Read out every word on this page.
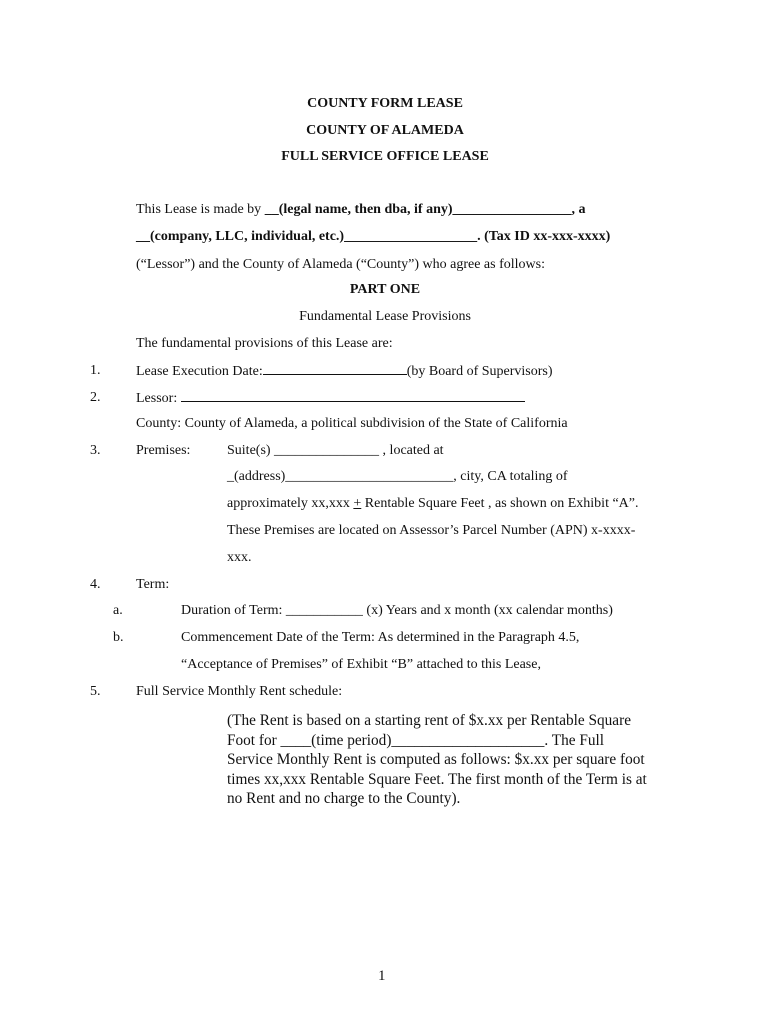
COUNTY FORM LEASE
COUNTY OF ALAMEDA
FULL SERVICE OFFICE LEASE
This Lease is made by __(legal name, then dba, if any)_________________, a
__(company, LLC, individual, etc.)___________________. (Tax ID xx-xxx-xxxx)
(“Lessor”) and the County of Alameda (“County”) who agree as follows:
PART ONE
Fundamental Lease Provisions
The fundamental provisions of this Lease are:
1.	Lease Execution Date:	(by Board of Supervisors)
2.	Lessor:
County: County of Alameda, a political subdivision of the State of California
3.	Premises:	Suite(s) _______________ , located at
_(address)________________________, city, CA totaling of
approximately xx,xxx + Rentable Square Feet , as shown on Exhibit “A”.
These Premises are located on Assessor’s Parcel Number (APN) x-xxxx-
xxx.
4.	Term:
a.	Duration of Term: ___________ (x) Years and x month (xx calendar months)
b.	Commencement Date of the Term: As determined in the Paragraph 4.5,
“Acceptance of Premises” of Exhibit “B” attached to this Lease,
5.	Full Service Monthly Rent schedule:
(The Rent is based on a starting rent of $x.xx per Rentable Square
Foot for ____(time period)____________________. The Full
Service Monthly Rent is computed as follows: $x.xx per square foot
times xx,xxx Rentable Square Feet. The first month of the Term is at
no Rent and no charge to the County).
1
